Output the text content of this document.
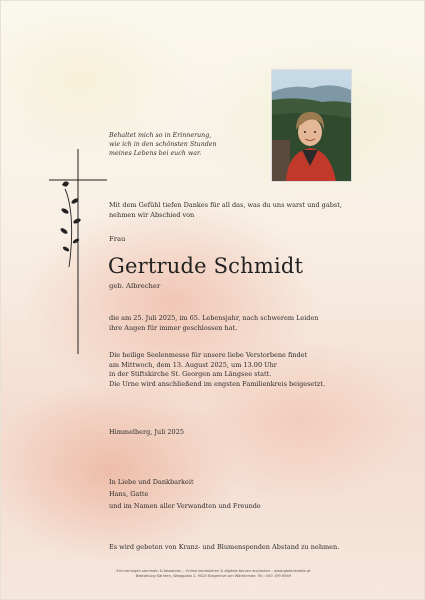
Behaltet mich so in Erinnerung,
wie ich in den schönsten Stunden
meines Lebens bei euch war.
Mit dem Gefühl tiefen Dankes für all das, was du uns warst und gabst,
nehmen wir Abschied von
Frau
Gertrude Schmidt
geb. Albrecher
die am 25. Juli 2025, im 65. Lebensjahr, nach schwerem Leiden
ihre Augen für immer geschlossen hat.
Die heilige Seelenmesse für unsere liebe Verstorbene findet
am Mittwoch, dem 13. August 2025, um 13.00 Uhr
in der Stiftskirche St. Georgen am Längsee statt.
Die Urne wird anschließend im engsten Familienkreis beigesetzt.
Himmelberg, Juli 2025
In Liebe und Dankbarkeit
Hans, Gatte
und im Namen aller Verwandten und Freunde
Es wird gebeten von Kranz- und Blumenspenden Abstand zu nehmen.
Erinnerungen sammeln & bewahren – Online kondolieren & digitale Kerzen anzünden – www.gedenkseite.at
Bestattung Kärnten, Waagplatz 2, 9020 Klagenfurt am Wörthersee, Tel.: 050 199 6949
